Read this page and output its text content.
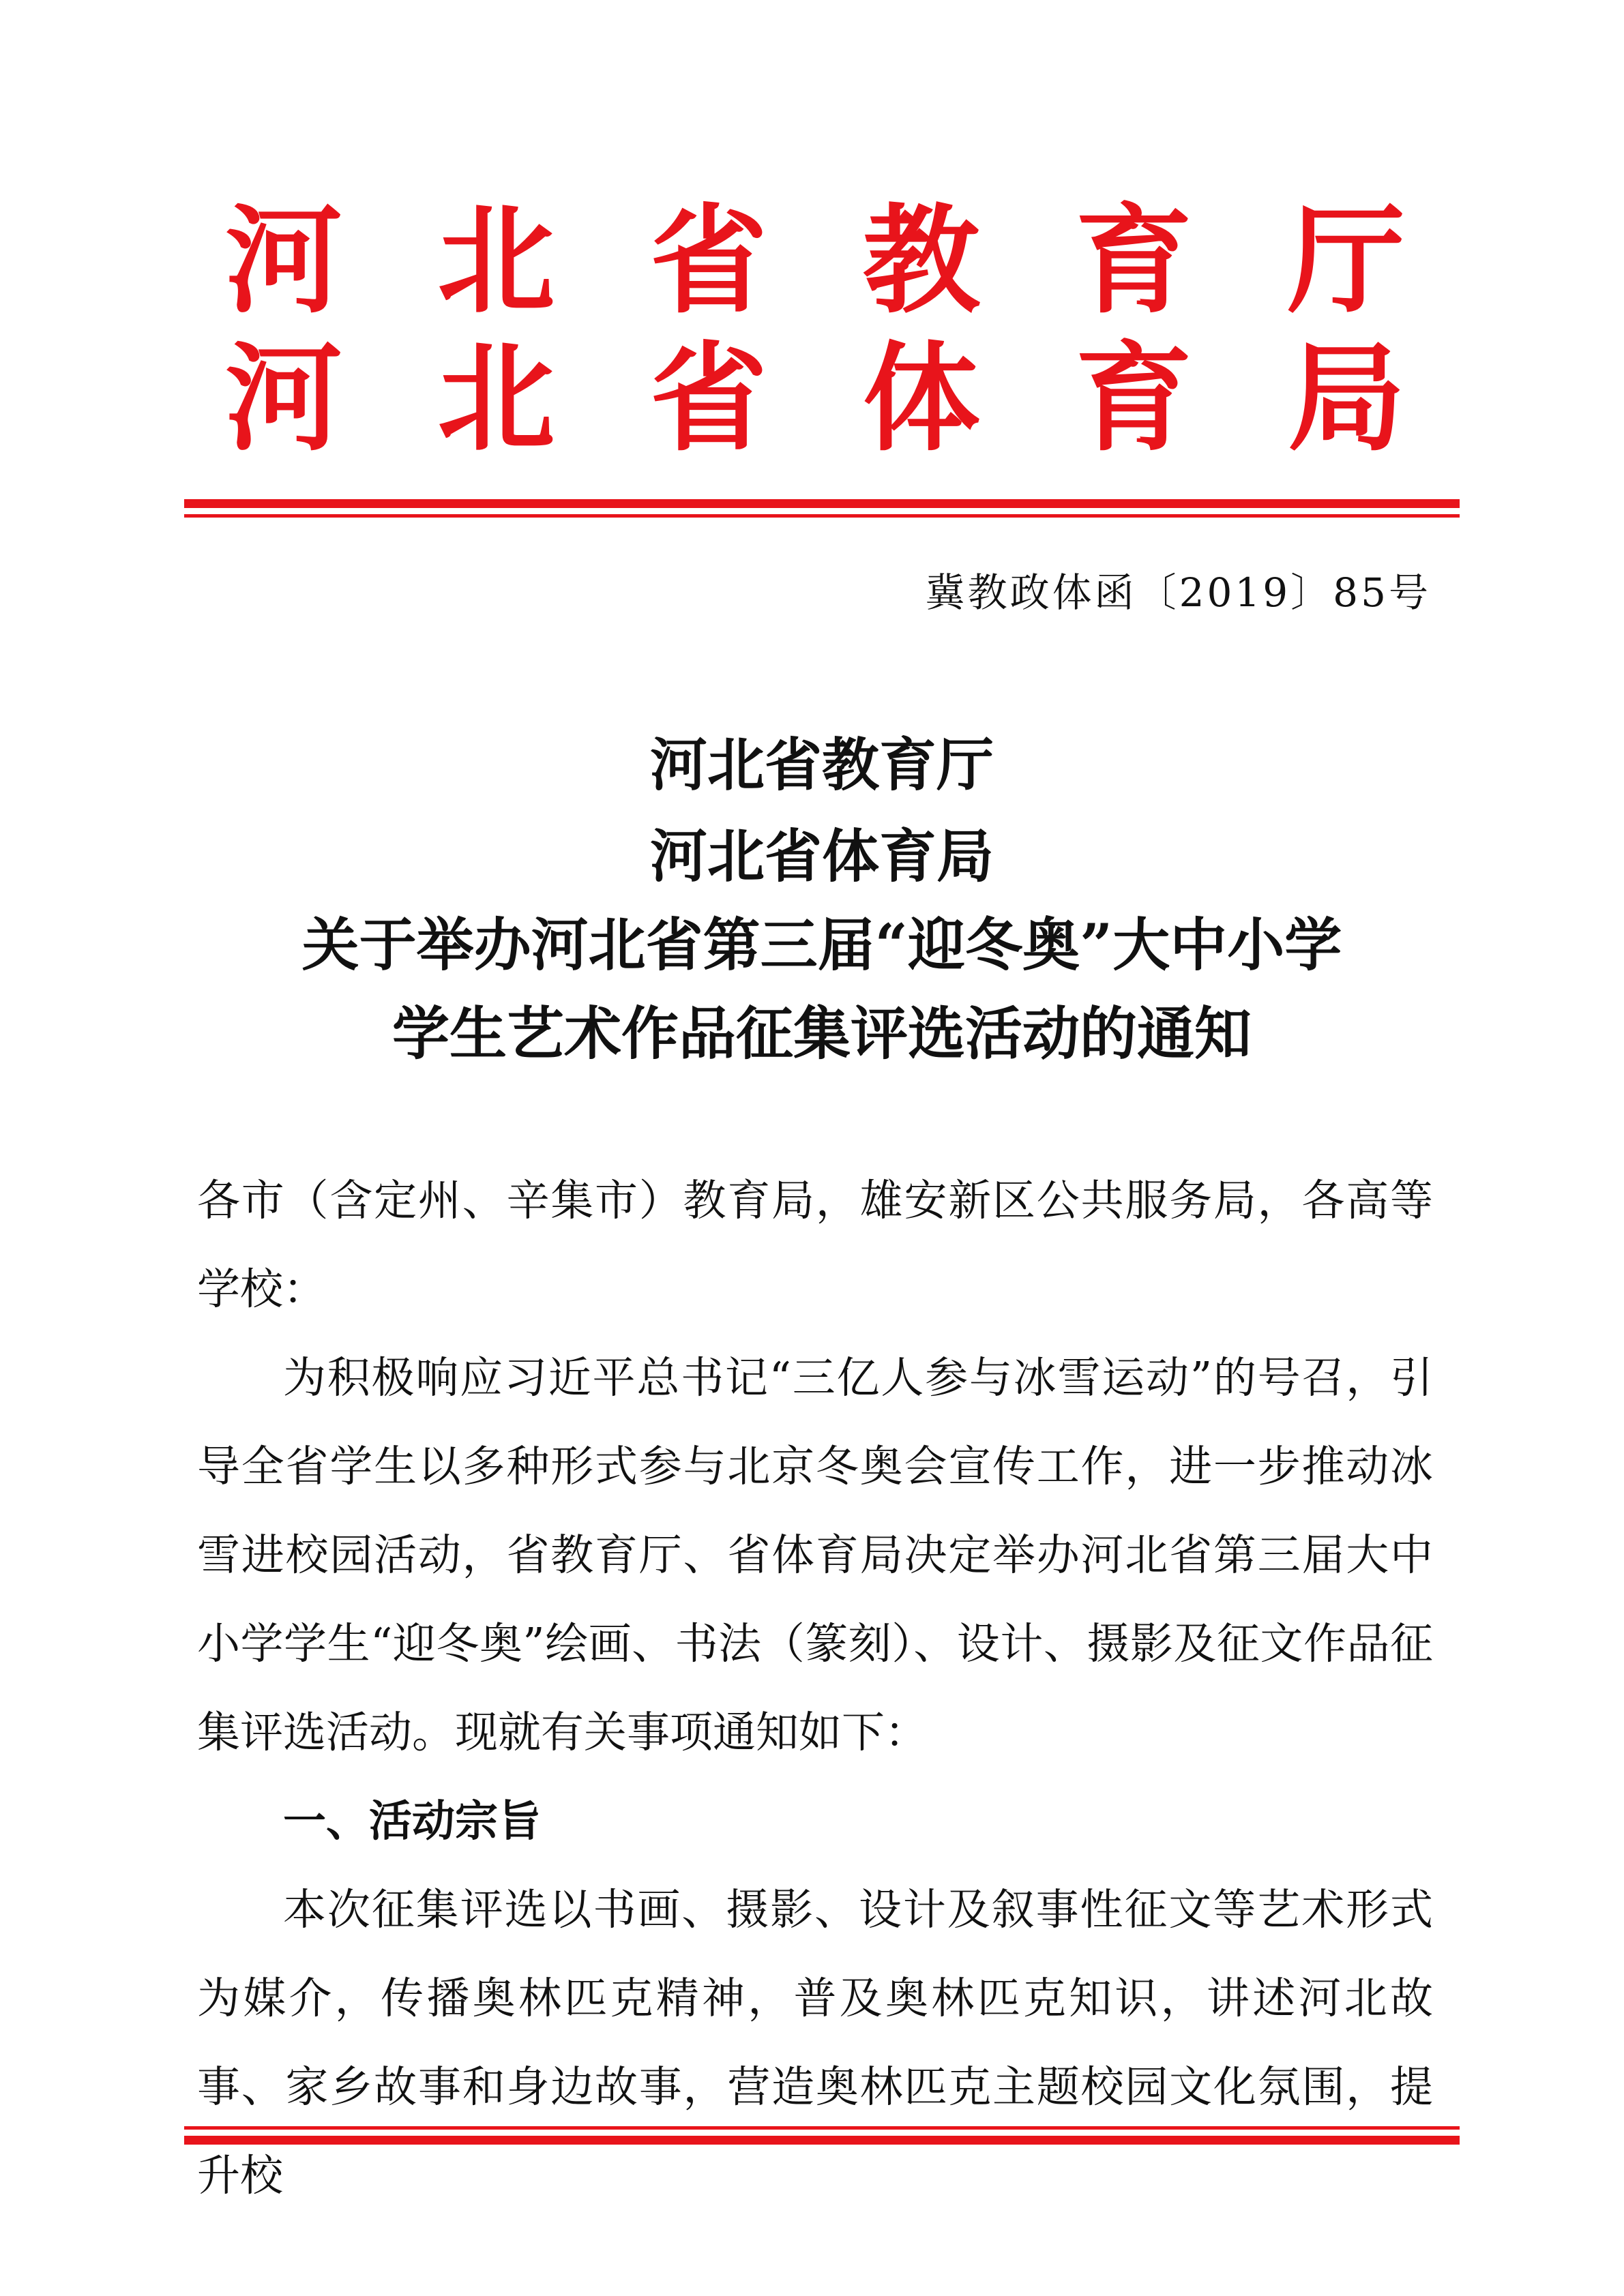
河 北 省 教 育 厅
河 北 省 体 育 局
冀教政体函〔2019〕85号
河北省教育厅
河北省体育局
关于举办河北省第三届“迎冬奥”大中小学
学生艺术作品征集评选活动的通知
各市（含定州、辛集市）教育局，雄安新区公共服务局，各高等学校：
为积极响应习近平总书记“三亿人参与冰雪运动”的号召，引导全省学生以多种形式参与北京冬奥会宣传工作，进一步推动冰雪进校园活动，省教育厅、省体育局决定举办河北省第三届大中小学学生“迎冬奥”绘画、书法（篆刻）、设计、摄影及征文作品征集评选活动。现就有关事项通知如下：
一、活动宗旨
本次征集评选以书画、摄影、设计及叙事性征文等艺术形式为媒介，传播奥林匹克精神，普及奥林匹克知识，讲述河北故事、家乡故事和身边故事，营造奥林匹克主题校园文化氛围，提升校
